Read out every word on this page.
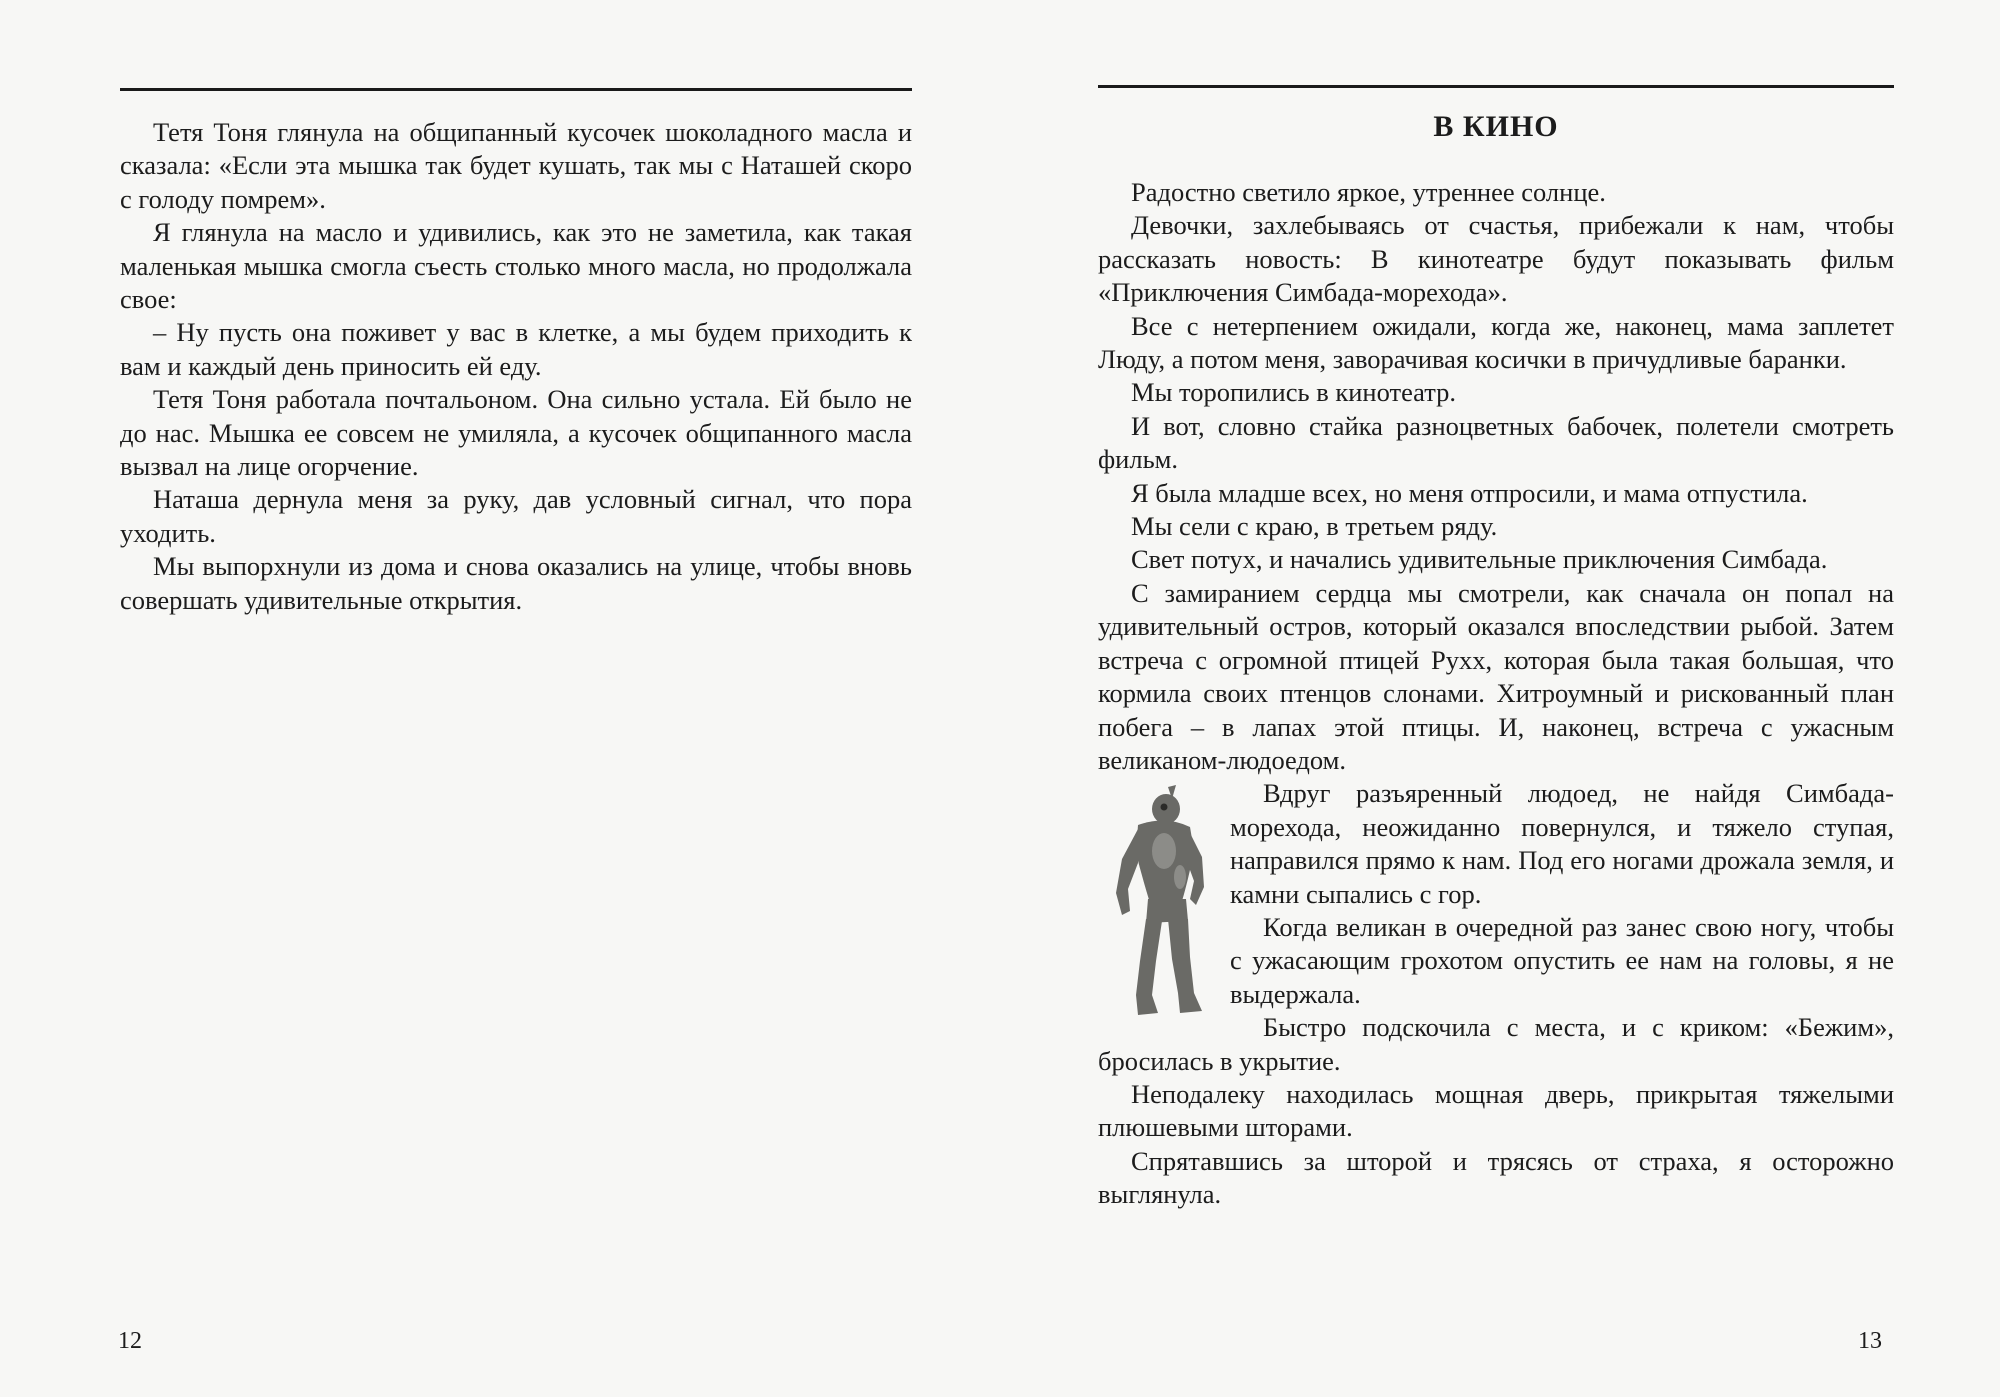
Тетя Тоня глянула на общипанный кусочек шоколадного масла и сказала: «Если эта мышка так будет кушать, так мы с Наташей скоро с голоду помрем».

Я глянула на масло и удивились, как это не заметила, как такая маленькая мышка смогла съесть столько много масла, но продолжала свое:

– Ну пусть она поживет у вас в клетке, а мы будем приходить к вам и каждый день приносить ей еду.

Тетя Тоня работала почтальоном. Она сильно устала. Ей было не до нас. Мышка ее совсем не умиляла, а кусочек общипанного масла вызвал на лице огорчение.

Наташа дернула меня за руку, дав условный сигнал, что пора уходить.

Мы выпорхнули из дома и снова оказались на улице, чтобы вновь совершать удивительные открытия.

12
В КИНО

Радостно светило яркое, утреннее солнце.

Девочки, захлебываясь от счастья, прибежали к нам, чтобы рассказать новость: В кинотеатре будут показывать фильм «Приключения Симбада-морехода».

Все с нетерпением ожидали, когда же, наконец, мама заплетет Люду, а потом меня, заворачивая косички в причудливые баранки.

Мы торопились в кинотеатр.

И вот, словно стайка разноцветных бабочек, полетели смотреть фильм.

Я была младше всех, но меня отпросили, и мама отпустила.

Мы сели с краю, в третьем ряду.

Свет потух, и начались удивительные приключения Симбада.

С замиранием сердца мы смотрели, как сначала он попал на удивительный остров, который оказался впоследствии рыбой. Затем встреча с огромной птицей Рухх, которая была такая большая, что кормила своих птенцов слонами. Хитроумный и рискованный план побега – в лапах этой птицы. И, наконец, встреча с ужасным великаном-людоедом.

Вдруг разъяренный людоед, не найдя Симбада-морехода, неожиданно повернулся, и тяжело ступая, направился прямо к нам. Под его ногами дрожала земля, и камни сыпались с гор.

Когда великан в очередной раз занес свою ногу, чтобы с ужасающим грохотом опустить ее нам на головы, я не выдержала.

Быстро подскочила с места, и с криком: «Бежим», бросилась в укрытие.

Неподалеку находилась мощная дверь, прикрытая тяжелыми плюшевыми шторами.

Спрятавшись за шторой и трясясь от страха, я осторожно выглянула.

13
